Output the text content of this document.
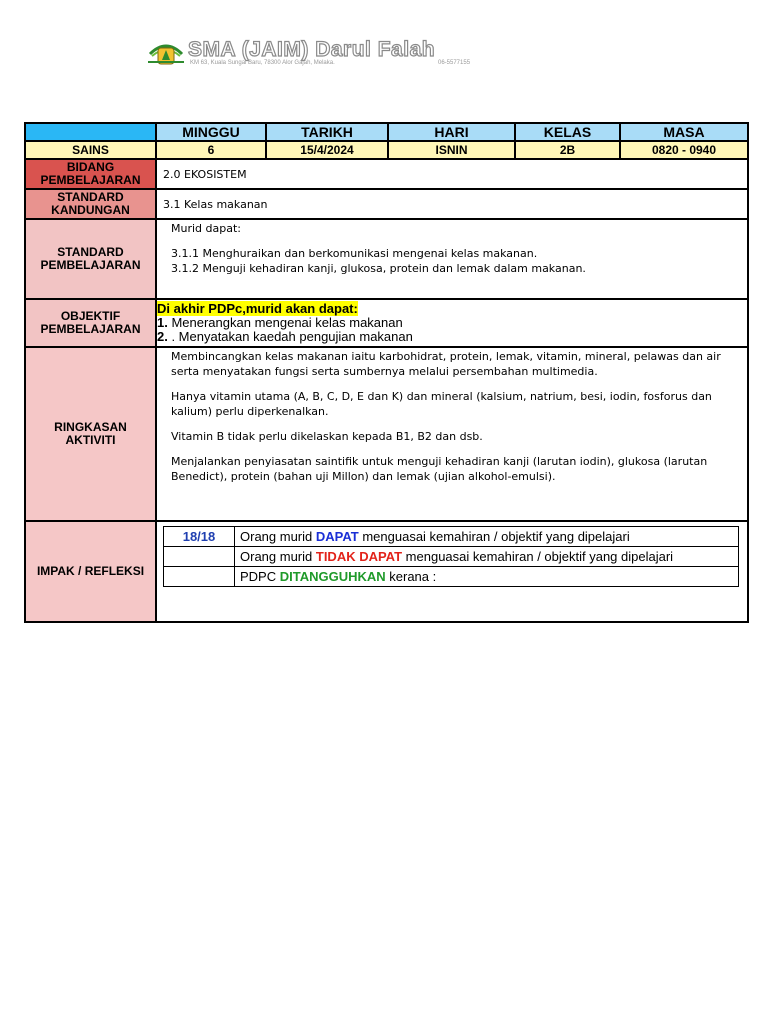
SMA (JAIM) Darul Falah
KM 63, Kuala Sungai Baru, 78300 Alor Gajah, Melaka.	06-5577155
	MINGGU	TARIKH	HARI	KELAS	MASA
SAINS	6	15/4/2024	ISNIN	2B	0820 - 0940

BIDANG
PEMBELAJARAN	2.0 EKOSISTEM

STANDARD
KANDUNGAN	3.1 Kelas makanan

STANDARD
PEMBELAJARAN

Murid dapat:

3.1.1 Menghuraikan dan berkomunikasi mengenai kelas makanan.

3.1.2 Menguji kehadiran kanji, glukosa, protein dan lemak dalam makanan.

OBJEKTIF
PEMBELAJARAN

Di akhir PDPc,murid akan dapat:
1. Menerangkan mengenai kelas makanan
2. . Menyatakan kaedah pengujian makanan

RINGKASAN
AKTIVITI

Membincangkan kelas makanan iaitu karbohidrat, protein, lemak, vitamin, mineral, pelawas dan air serta menyatakan fungsi serta sumbernya melalui persembahan multimedia.

Hanya vitamin utama (A, B, C, D, E dan K) dan mineral (kalsium, natrium, besi, iodin, fosforus dan kalium) perlu diperkenalkan.

Vitamin B tidak perlu dikelaskan kepada B1, B2 dan dsb.

Menjalankan penyiasatan saintifik untuk menguji kehadiran kanji (larutan iodin), glukosa (larutan Benedict), protein (bahan uji Millon) dan lemak (ujian alkohol-emulsi).

IMPAK / REFLEKSI	
18/18	Orang murid DAPAT menguasai kemahiran / objektif yang dipelajari
	Orang murid TIDAK DAPAT menguasai kemahiran / objektif yang dipelajari
	PDPC DITANGGUHKAN kerana :
